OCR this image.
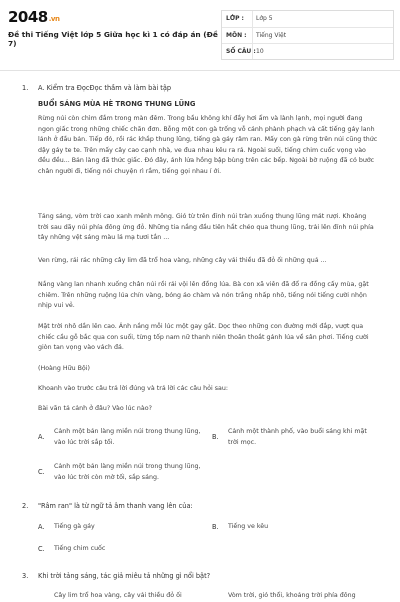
2048.vn
Đề thi Tiếng Việt lớp 5 Giữa học kì 1 có đáp án (Đề 7)
LỚP : Lớp 5
MÔN : Tiếng Việt
SỐ CÂU : 10
1. A. Kiểm tra ĐọcĐọc thầm và làm bài tập
BUỔI SÁNG MÙA HÈ TRONG THUNG LŨNG
Rừng núi còn chìm đắm trong màn đêm. Trong bầu không khí đầy hơi ẩm và lành lạnh, mọi người đang ngon giấc trong những chiếc chăn đơn. Bỗng một con gà trống vỗ cánh phành phạch và cất tiếng gáy lanh lảnh ở đầu bản. Tiếp đó, rồi rác khắp thung lũng, tiếng gà gáy râm ran. Mấy con gà rừng trên núi cũng thức dậy gáy te te. Trên mấy cây cao cạnh nhà, ve đua nhau kêu ra rả. Ngoài suối, tiếng chim cuốc vọng vào đều đều... Bản làng đã thức giấc. Đó đây, ánh lửa hồng bập bùng trên các bếp. Ngoài bờ ruộng đã có bước chân người đi, tiếng nói chuyện rì rầm, tiếng gọi nhau í ới.
Tảng sáng, vòm trời cao xanh mênh mông. Gió từ trên đỉnh núi tràn xuống thung lũng mát rượi. Khoảng trời sau dãy núi phía đông ửng đỏ. Những tia nắng đầu tiên hắt chéo qua thung lũng, trải lên đỉnh núi phía tây những vệt sáng màu lá mạ tươi tắn ...
Ven rừng, rải rác những cây lim đã trổ hoa vàng, những cây vải thiều đã đỏ ối những quả ...
Nắng vàng lan nhanh xuống chân núi rồi rải vội lên đồng lúa. Bà con xã viên đã đổ ra đồng cấy mùa, gặt chiêm. Trên những ruộng lúa chín vàng, bóng áo chàm và nón trắng nhấp nhô, tiếng nói tiếng cười nhộn nhịp vui vẻ.
Mặt trời nhô dần lên cao. Ánh nắng mỗi lúc một gay gắt. Dọc theo những con đường mới đắp, vượt qua chiếc cầu gỗ bắc qua con suối, từng tốp nam nữ thanh niên thoăn thoắt gánh lúa về sân phơi. Tiếng cười giòn tan vọng vào vách đá.
(Hoàng Hữu Bội)
Khoanh vào trước câu trả lời đúng và trả lời các câu hỏi sau:
Bài văn tả cảnh ở đâu? Vào lúc nào?
A.
Cảnh một bản làng miền núi trong thung lũng, vào lúc trời sắp tối.
B.
Cảnh một thành phố, vào buổi sáng khi mặt trời mọc.
C.
Cảnh một bản làng miền núi trong thung lũng, vào lúc trời còn mờ tối, sắp sáng.
2. "Râm ran" là từ ngữ tả âm thanh vang lên của:
A. Tiếng gà gáy	B. Tiếng ve kêu
C. Tiếng chim cuốc
3. Khi trời tảng sáng, tác giả miêu tả những gì nổi bật?
Cây lim trổ hoa vàng, cây vải thiều đỏ ối	Vòm trời, gió thổi, khoảng trời phía đông
